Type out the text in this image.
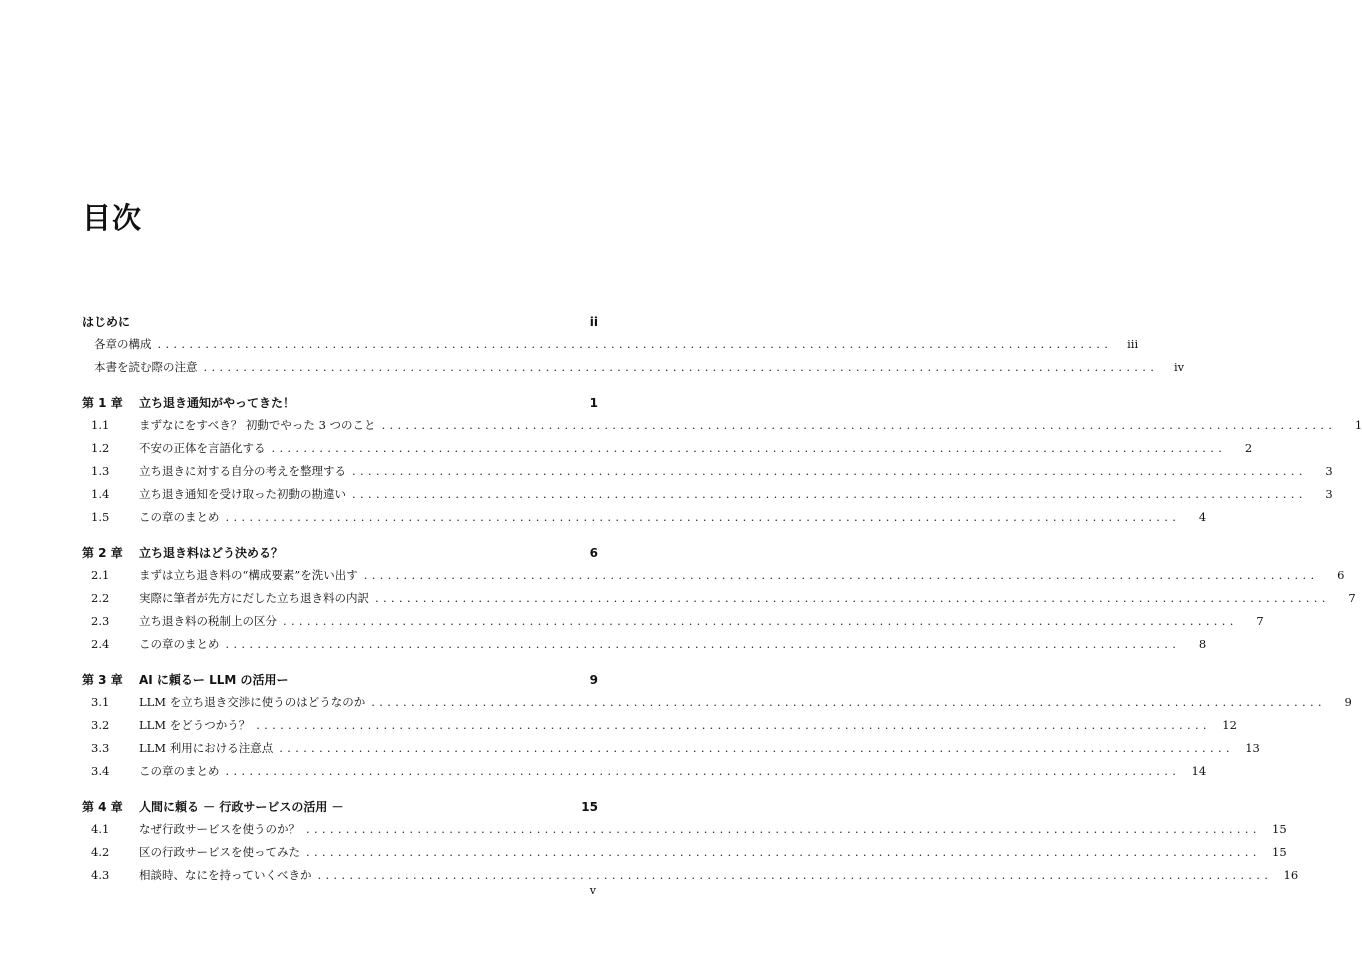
目次
はじめに	ii
各章の構成 ........................................................................................................................	iii
本書を読む際の注意 ........................................................................................................................	iv
第 1 章	立ち退き通知がやってきた！	1
1.1	まずなにをすべき？ 初動でやった 3 つのこと ........................................................................................................................	1
1.2	不安の正体を言語化する ........................................................................................................................	2
1.3	立ち退きに対する自分の考えを整理する ........................................................................................................................	3
1.4	立ち退き通知を受け取った初動の勘違い ........................................................................................................................	3
1.5	この章のまとめ ........................................................................................................................	4
第 2 章	立ち退き料はどう決める？	6
2.1	まずは立ち退き料の“構成要素”を洗い出す ........................................................................................................................	6
2.2	実際に筆者が先方にだした立ち退き料の内訳 ........................................................................................................................	7
2.3	立ち退き料の税制上の区分 ........................................................................................................................	7
2.4	この章のまとめ ........................................................................................................................	8
第 3 章	AI に頼るー LLM の活用ー	9
3.1	LLM を立ち退き交渉に使うのはどうなのか ........................................................................................................................	9
3.2	LLM をどうつかう？ ........................................................................................................................ 12
3.3	LLM 利用における注意点 ........................................................................................................................ 13
3.4	この章のまとめ ........................................................................................................................ 14
第 4 章	人間に頼る － 行政サービスの活用 －	15
4.1	なぜ行政サービスを使うのか？ ........................................................................................................................ 15
4.2	区の行政サービスを使ってみた ........................................................................................................................ 15
4.3	相談時、なにを持っていくべきか ........................................................................................................................ 16
v
